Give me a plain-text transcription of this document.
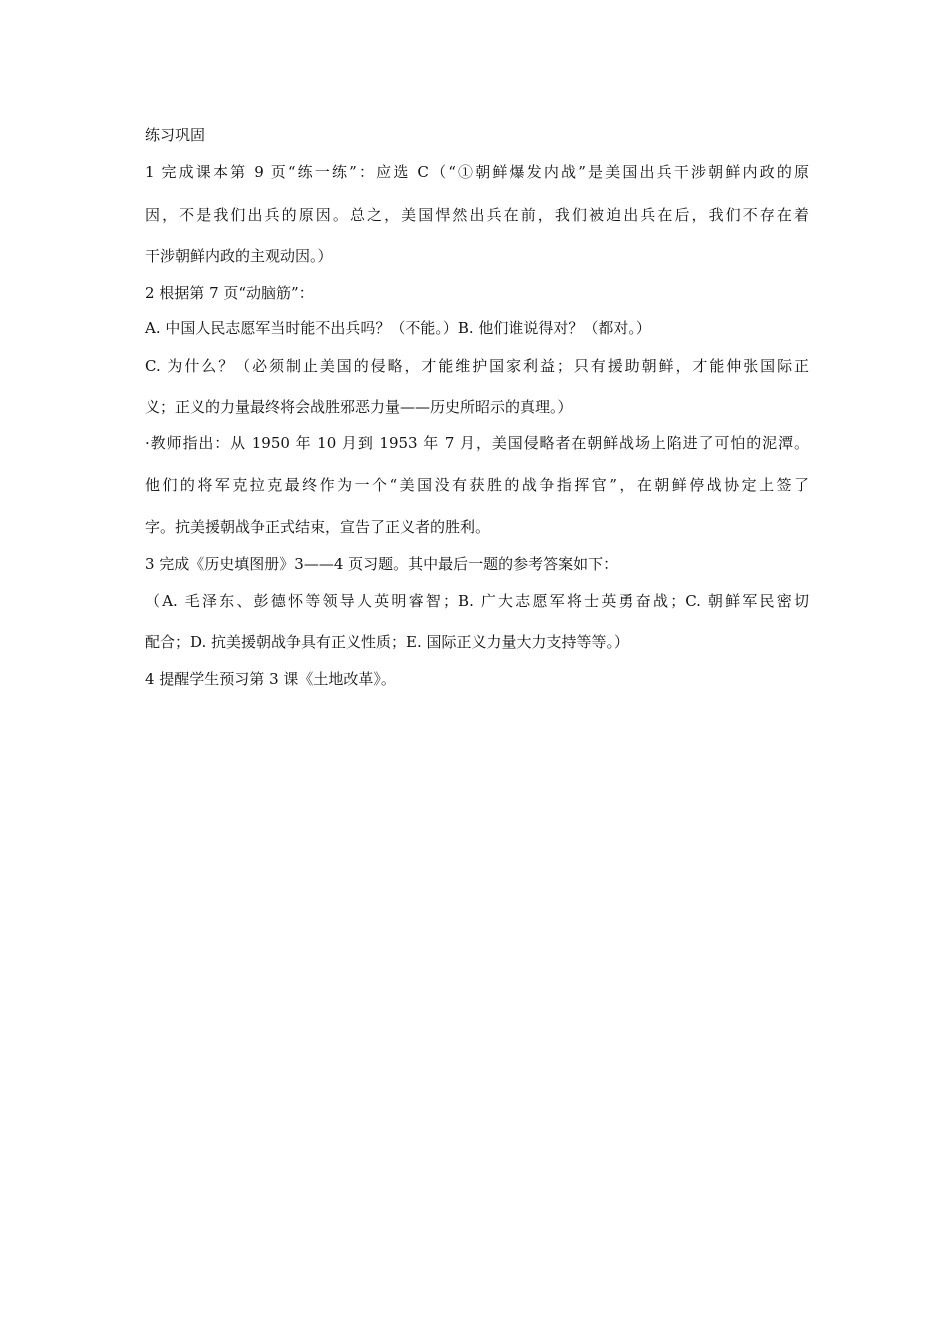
练习巩固
1 完成课本第 9 页“练一练”：应选 C（“①朝鲜爆发内战”是美国出兵干涉朝鲜内政的原
因，不是我们出兵的原因。总之，美国悍然出兵在前，我们被迫出兵在后，我们不存在着
干涉朝鲜内政的主观动因。）
2 根据第 7 页“动脑筋”：
A. 中国人民志愿军当时能不出兵吗？（不能。）B. 他们谁说得对？（都对。）
C. 为什么？（必须制止美国的侵略，才能维护国家利益；只有援助朝鲜，才能伸张国际正
义；正义的力量最终将会战胜邪恶力量——历史所昭示的真理。）
·教师指出：从 1950 年 10 月到 1953 年 7 月，美国侵略者在朝鲜战场上陷进了可怕的泥潭。
他们的将军克拉克最终作为一个“美国没有获胜的战争指挥官”，在朝鲜停战协定上签了
字。抗美援朝战争正式结束，宣告了正义者的胜利。
3 完成《历史填图册》3——4 页习题。其中最后一题的参考答案如下：
（A. 毛泽东、彭德怀等领导人英明睿智；B. 广大志愿军将士英勇奋战；C. 朝鲜军民密切
配合；D. 抗美援朝战争具有正义性质；E. 国际正义力量大力支持等等。）
4 提醒学生预习第 3 课《土地改革》。
